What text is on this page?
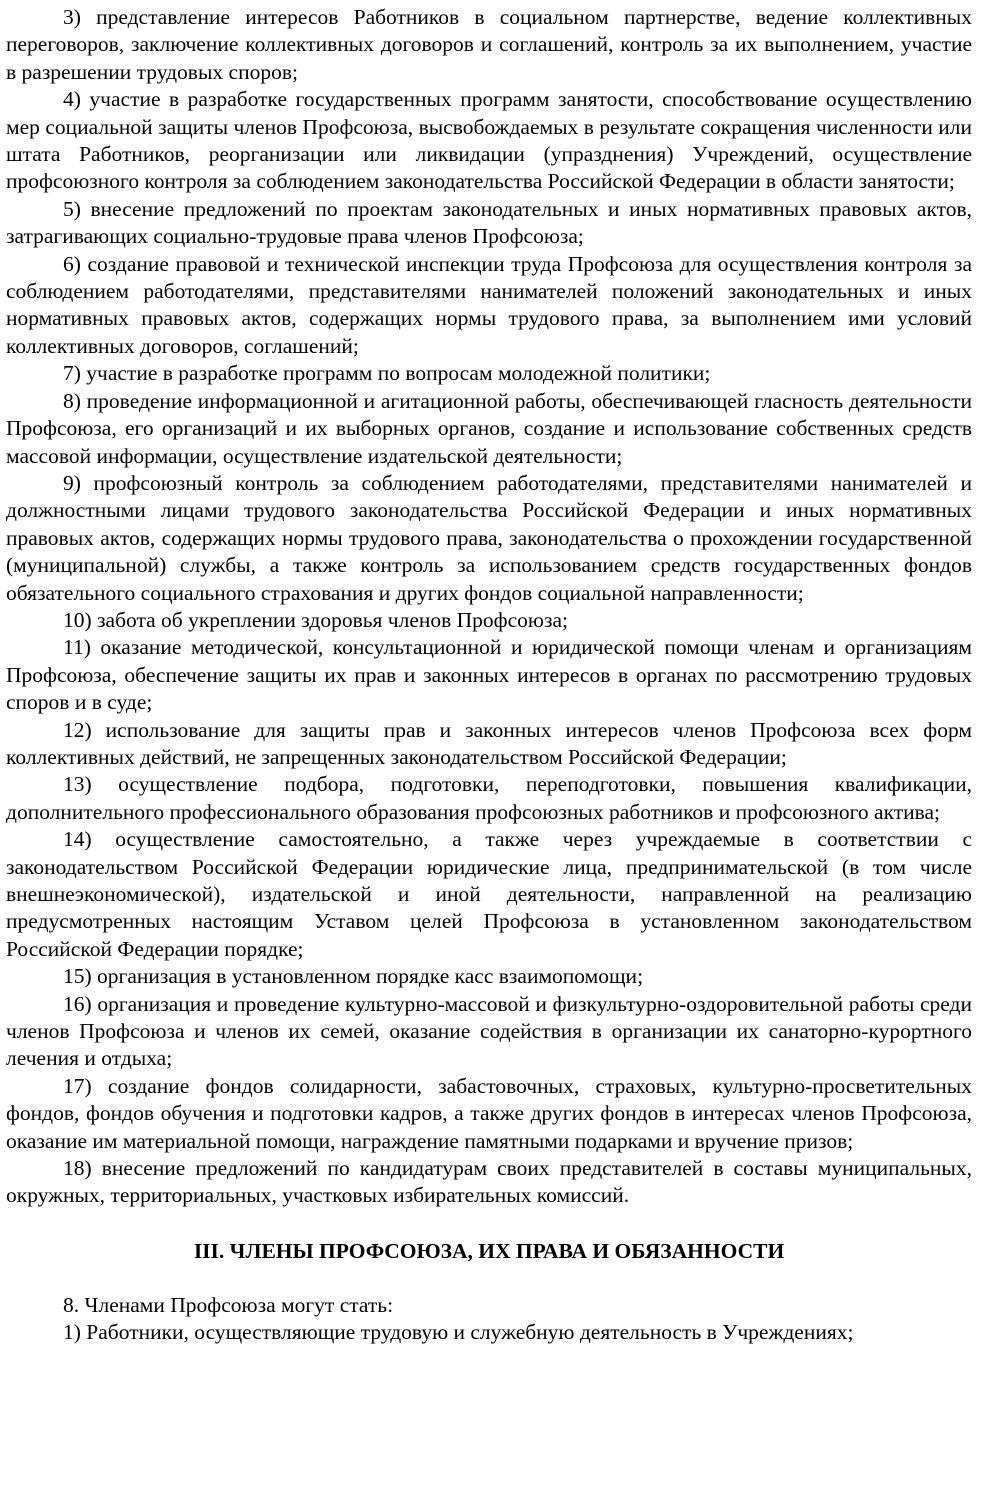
3) представление интересов Работников в социальном партнерстве, ведение коллективных переговоров, заключение коллективных договоров и соглашений, контроль за их выполнением, участие в разрешении трудовых споров;

4) участие в разработке государственных программ занятости, способствование осуществлению мер социальной защиты членов Профсоюза, высвобождаемых в результате сокращения численности или штата Работников, реорганизации или ликвидации (упразднения) Учреждений, осуществление профсоюзного контроля за соблюдением законодательства Российской Федерации в области занятости;

5) внесение предложений по проектам законодательных и иных нормативных правовых актов, затрагивающих социально-трудовые права членов Профсоюза;

6) создание правовой и технической инспекции труда Профсоюза для осуществления контроля за соблюдением работодателями, представителями нанимателей положений законодательных и иных нормативных правовых актов, содержащих нормы трудового права, за выполнением ими условий коллективных договоров, соглашений;

7) участие в разработке программ по вопросам молодежной политики;

8) проведение информационной и агитационной работы, обеспечивающей гласность деятельности Профсоюза, его организаций и их выборных органов, создание и использование собственных средств массовой информации, осуществление издательской деятельности;

9) профсоюзный контроль за соблюдением работодателями, представителями нанимателей и должностными лицами трудового законодательства Российской Федерации и иных нормативных правовых актов, содержащих нормы трудового права, законодательства о прохождении государственной (муниципальной) службы, а также контроль за использованием средств государственных фондов обязательного социального страхования и других фондов социальной направленности;

10) забота об укреплении здоровья членов Профсоюза;

11) оказание методической, консультационной и юридической помощи членам и организациям Профсоюза, обеспечение защиты их прав и законных интересов в органах по рассмотрению трудовых споров и в суде;

12) использование для защиты прав и законных интересов членов Профсоюза всех форм коллективных действий, не запрещенных законодательством Российской Федерации;

13) осуществление подбора, подготовки, переподготовки, повышения квалификации, дополнительного профессионального образования профсоюзных работников и профсоюзного актива;

14) осуществление самостоятельно, а также через учреждаемые в соответствии с законодательством Российской Федерации юридические лица, предпринимательской (в том числе внешнеэкономической), издательской и иной деятельности, направленной на реализацию предусмотренных настоящим Уставом целей Профсоюза в установленном законодательством Российской Федерации порядке;

15) организация в установленном порядке касс взаимопомощи;

16) организация и проведение культурно-массовой и физкультурно-оздоровительной работы среди членов Профсоюза и членов их семей, оказание содействия в организации их санаторно-курортного лечения и отдыха;

17) создание фондов солидарности, забастовочных, страховых, культурно-просветительных фондов, фондов обучения и подготовки кадров, а также других фондов в интересах членов Профсоюза, оказание им материальной помощи, награждение памятными подарками и вручение призов;

18) внесение предложений по кандидатурам своих представителей в составы муниципальных, окружных, территориальных, участковых избирательных комиссий.

III. ЧЛЕНЫ ПРОФСОЮЗА, ИХ ПРАВА И ОБЯЗАННОСТИ

8. Членами Профсоюза могут стать:

1) Работники, осуществляющие трудовую и служебную деятельность в Учреждениях;
